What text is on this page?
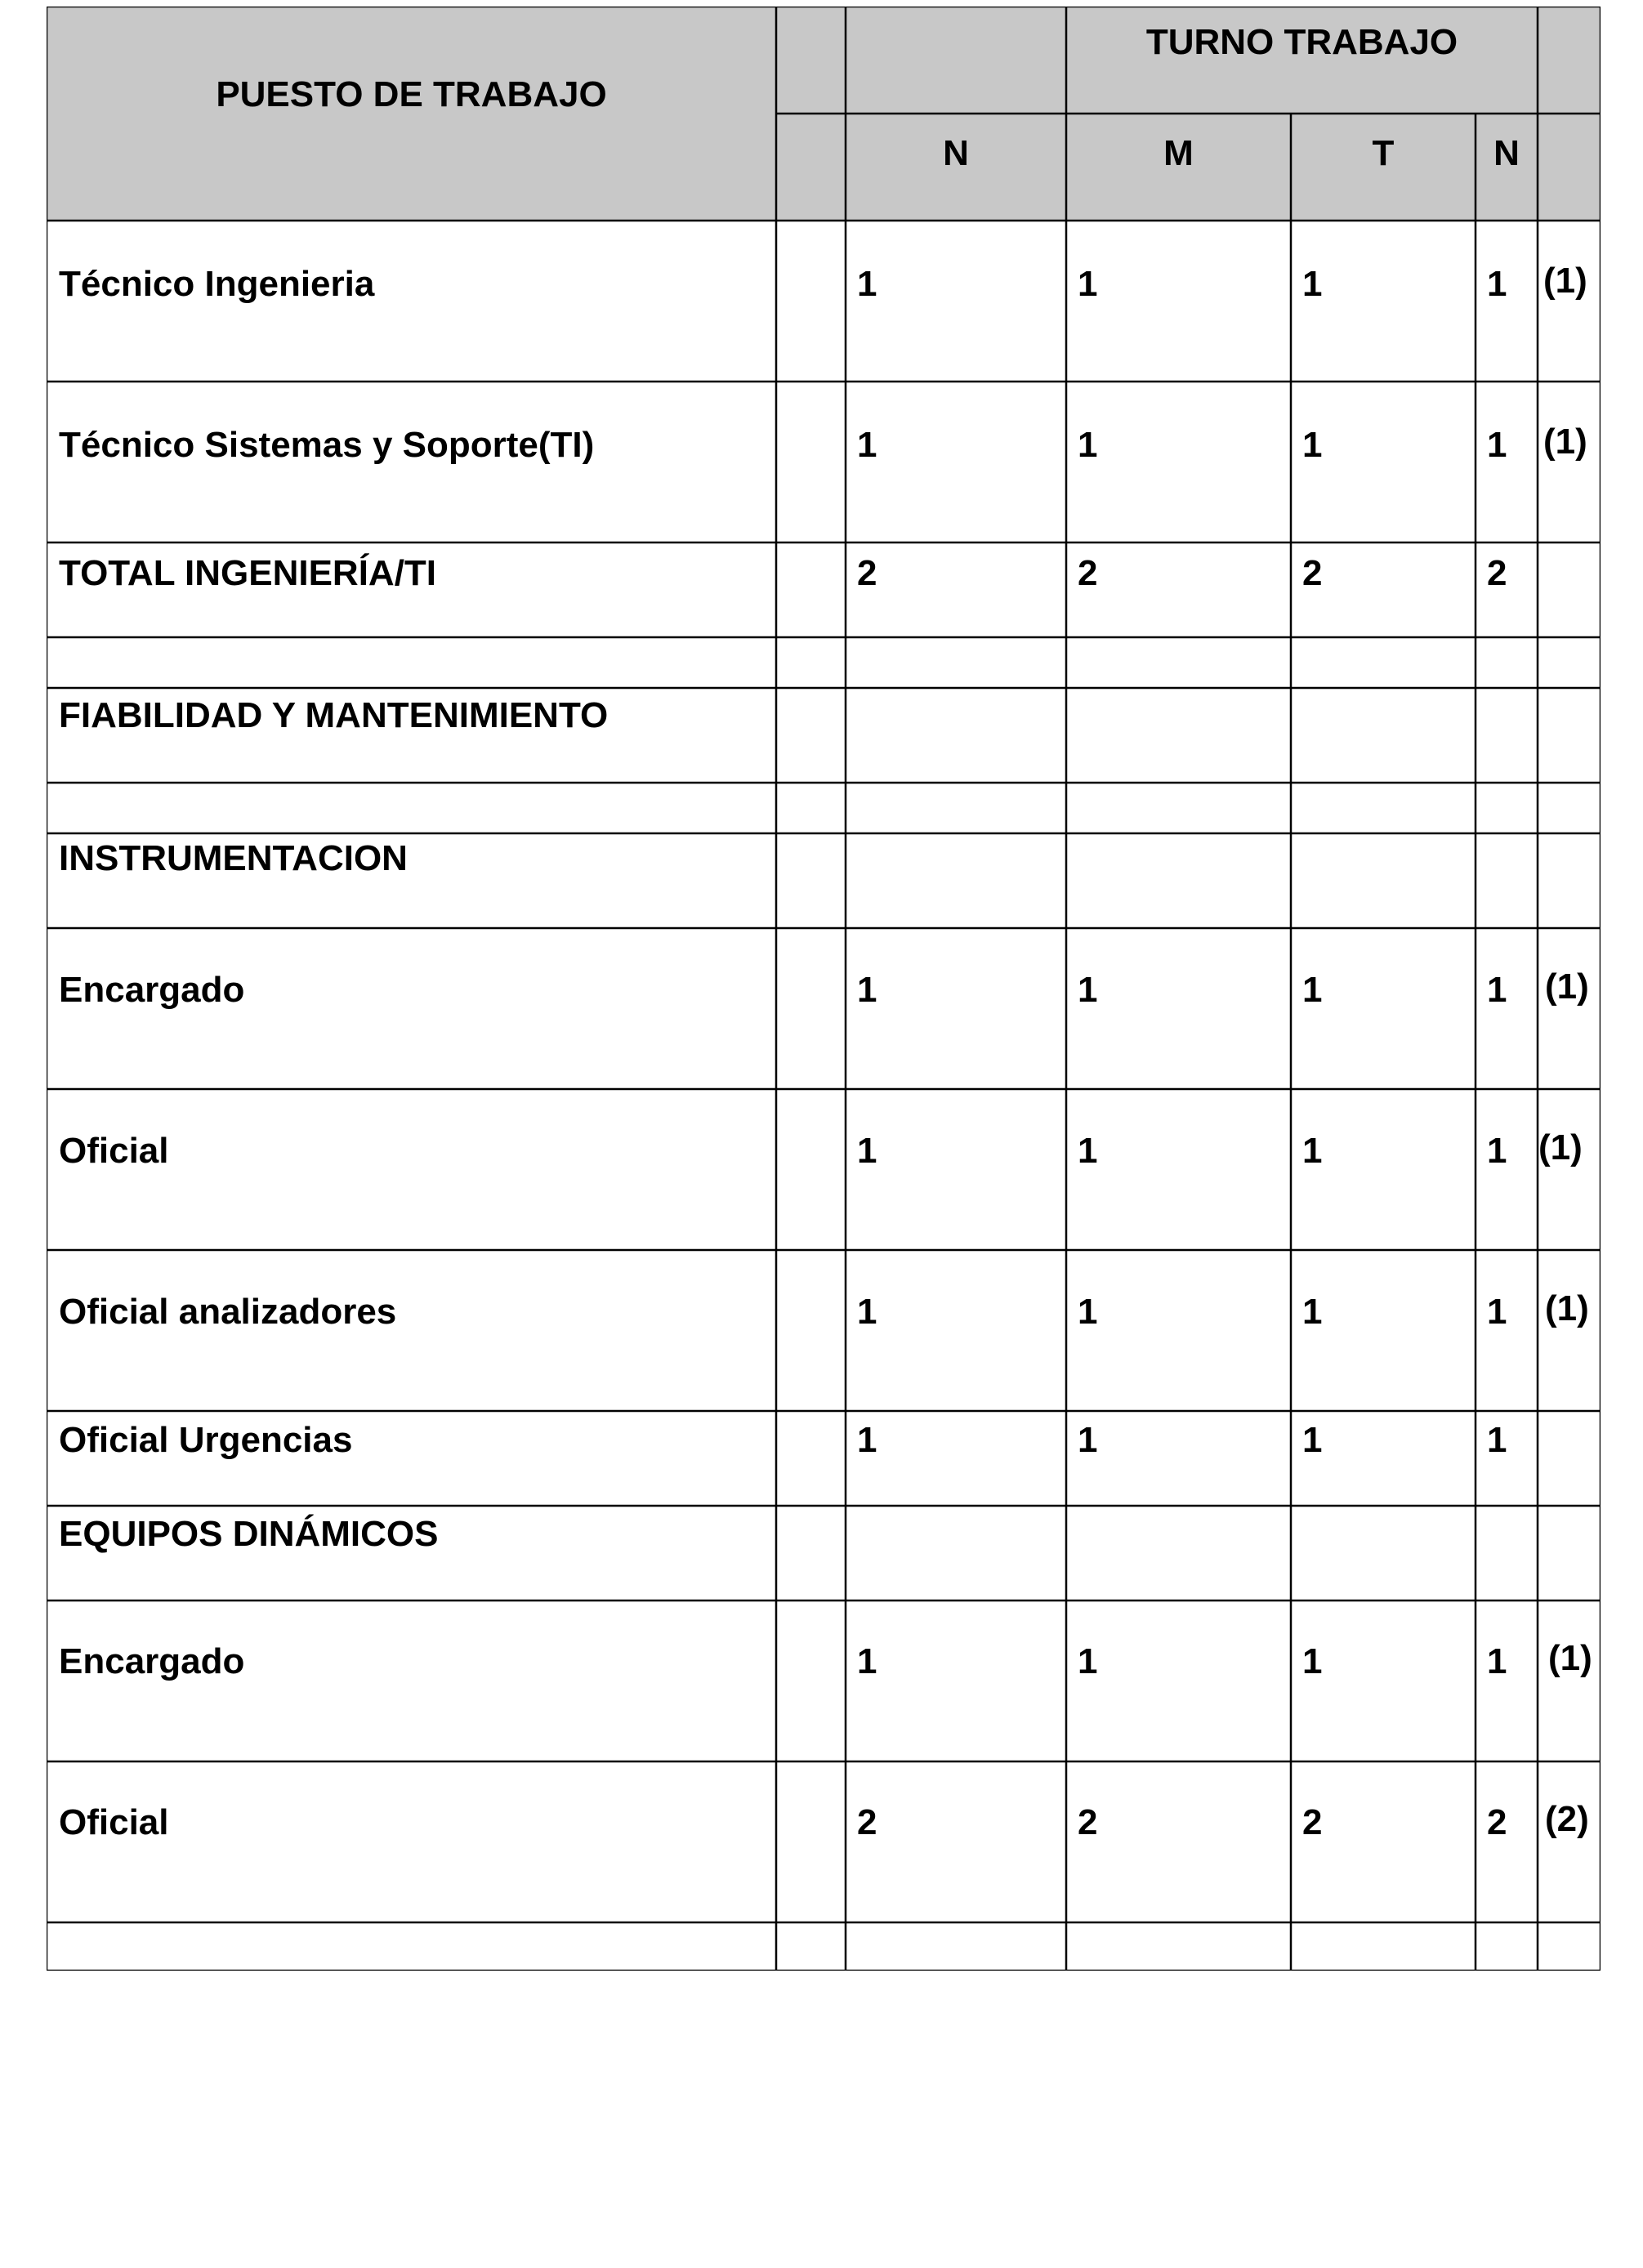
PUESTO DE TRABAJO
TURNO TRABAJO
N	M	T	N
Técnico Ingenieria	1	1	1	1 (1)
Técnico Sistemas y Soporte(TI)	1	1	1	1 (1)
TOTAL INGENIERÍA/TI	2	2	2	2
FIABILIDAD Y MANTENIMIENTO
INSTRUMENTACION
Encargado	1	1	1	1 (1)
Oficial	1	1	1	1 (1)
Oficial analizadores	1	1	1	1 (1)
Oficial Urgencias	1	1	1	1
EQUIPOS DINÁMICOS
Encargado	1	1	1	1 (1)
Oficial	2	2	2	2 (2)
